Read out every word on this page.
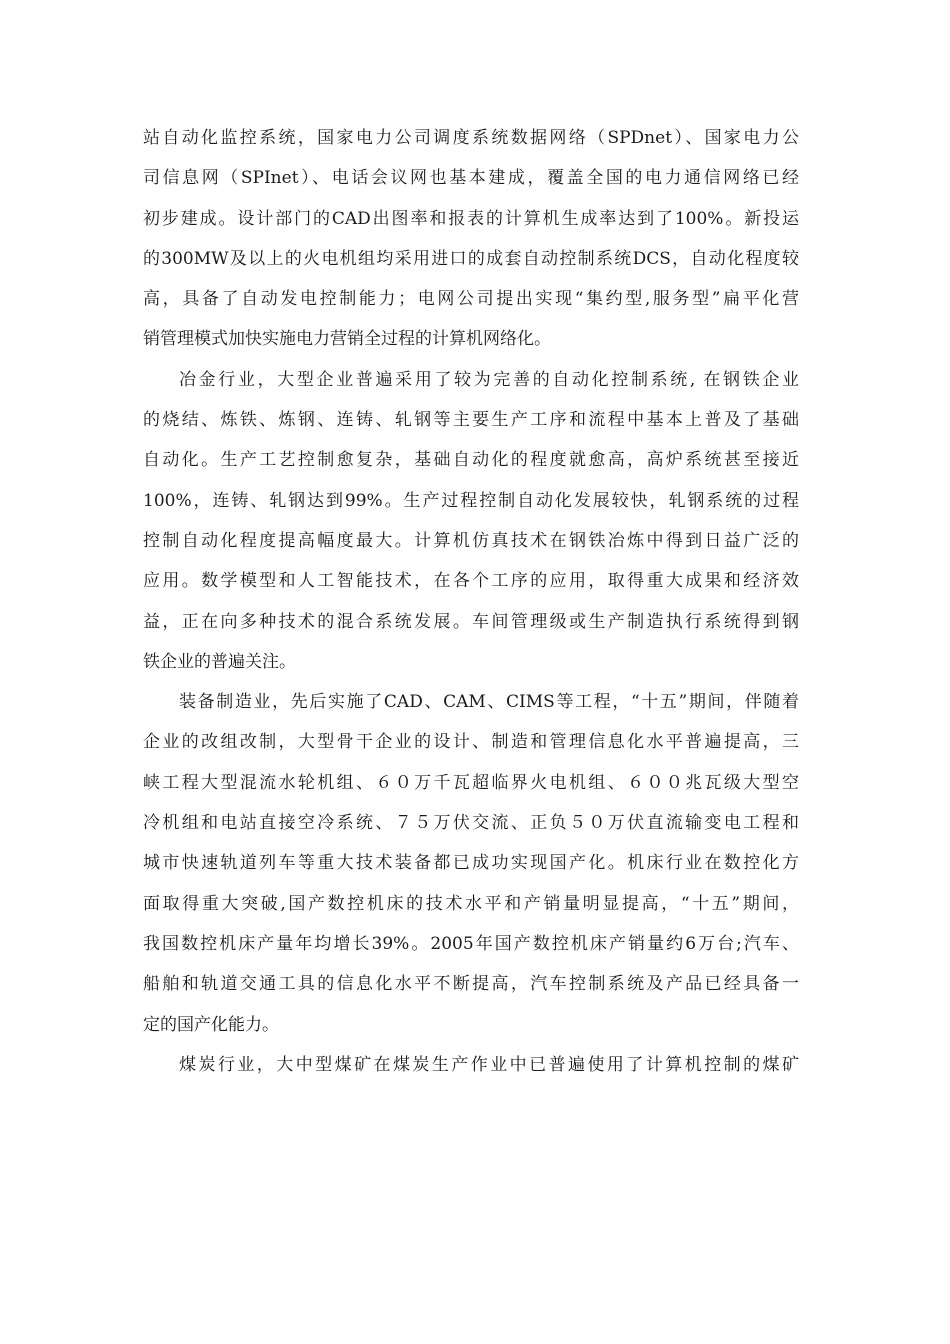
站自动化监控系统，国家电力公司调度系统数据网络（SPDnet）、国家电力公
司信息网（SPInet）、电话会议网也基本建成，覆盖全国的电力通信网络已经
初步建成。设计部门的CAD出图率和报表的计算机生成率达到了100%。新投运
的300MW及以上的火电机组均采用进口的成套自动控制系统DCS，自动化程度较
高，具备了自动发电控制能力；电网公司提出实现“集约型,服务型”扁平化营
销管理模式加快实施电力营销全过程的计算机网络化。
冶金行业，大型企业普遍采用了较为完善的自动化控制系统, 在钢铁企业
的烧结、炼铁、炼钢、连铸、轧钢等主要生产工序和流程中基本上普及了基础
自动化。生产工艺控制愈复杂，基础自动化的程度就愈高，高炉系统甚至接近
100%，连铸、轧钢达到99%。生产过程控制自动化发展较快，轧钢系统的过程
控制自动化程度提高幅度最大。计算机仿真技术在钢铁冶炼中得到日益广泛的
应用。数学模型和人工智能技术，在各个工序的应用，取得重大成果和经济效
益，正在向多种技术的混合系统发展。车间管理级或生产制造执行系统得到钢
铁企业的普遍关注。
装备制造业，先后实施了CAD、CAM、CIMS等工程，“十五”期间，伴随着
企业的改组改制，大型骨干企业的设计、制造和管理信息化水平普遍提高，三
峡工程大型混流水轮机组、６０万千瓦超临界火电机组、６００兆瓦级大型空
冷机组和电站直接空冷系统、７５万伏交流、正负５０万伏直流输变电工程和
城市快速轨道列车等重大技术装备都已成功实现国产化。机床行业在数控化方
面取得重大突破,国产数控机床的技术水平和产销量明显提高，“十五”期间，
我国数控机床产量年均增长39%。2005年国产数控机床产销量约6万台;汽车、
船舶和轨道交通工具的信息化水平不断提高，汽车控制系统及产品已经具备一
定的国产化能力。
煤炭行业，大中型煤矿在煤炭生产作业中已普遍使用了计算机控制的煤矿
